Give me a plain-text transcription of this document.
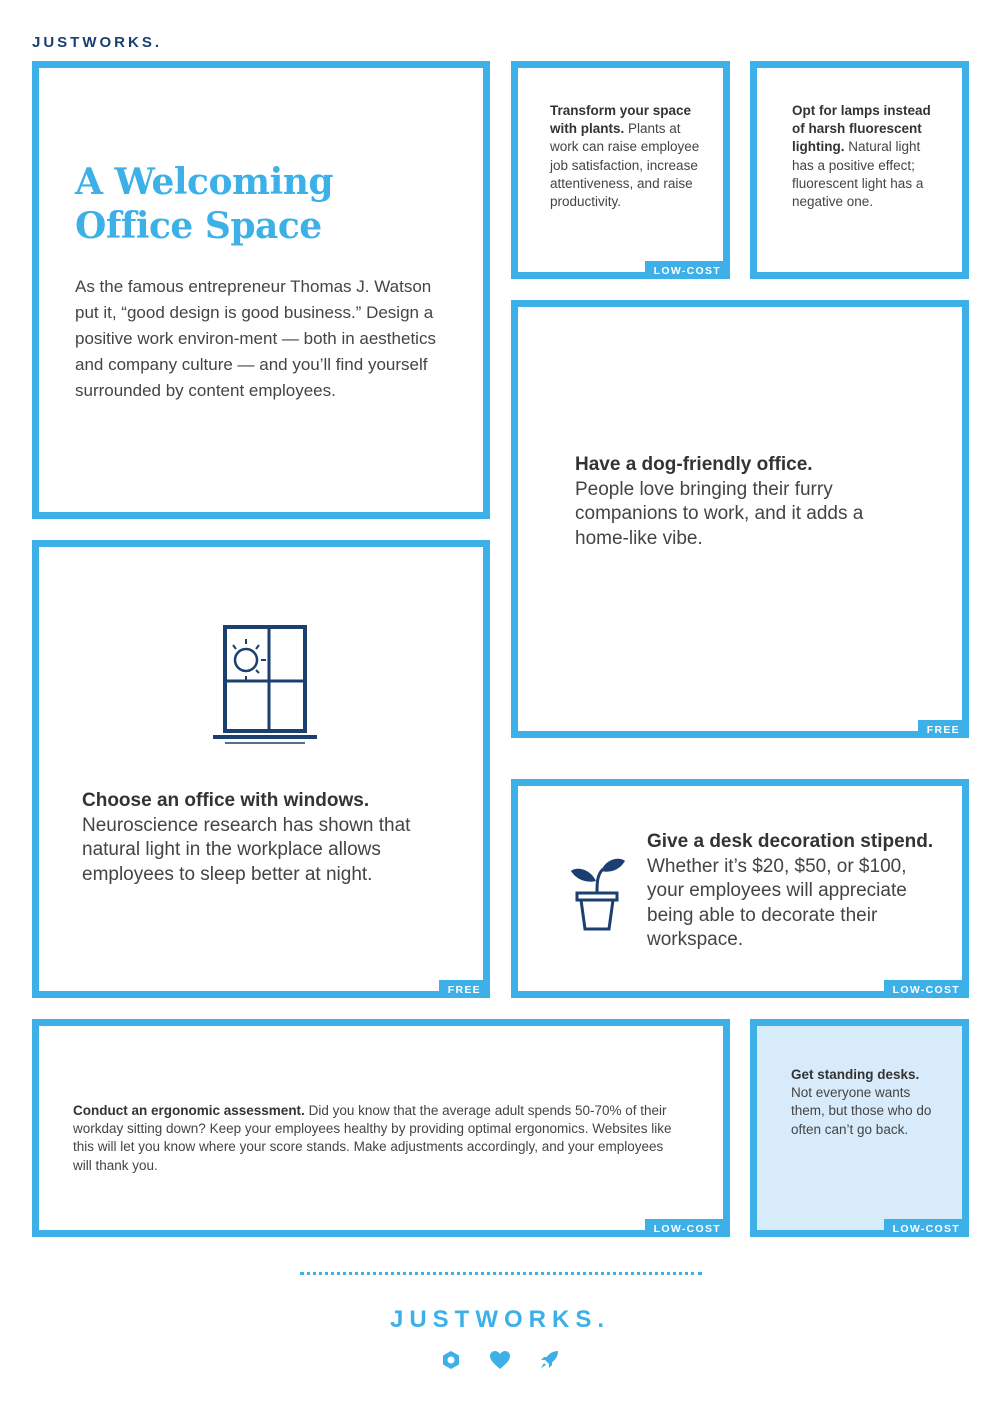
JUSTWORKS.
A Welcoming
Office Space

As the famous entrepreneur Thomas J. Watson put it, “good design is good business.” Design a positive work environ-ment — both in aesthetics and company culture — and you’ll find yourself surrounded by content employees.

Transform your space with plants. Plants at work can raise employee job satisfaction, increase attentiveness, and raise productivity.
LOW-COST
Opt for lamps instead of harsh fluorescent lighting. Natural light has a positive effect; fluorescent light has a negative one.
Have a dog-friendly office.
People love bringing their furry companions to work, and it adds a home-like vibe.
FREE
Choose an office with windows.
Neuroscience research has shown that natural light in the workplace allows employees to sleep better at night.
FREE
Give a desk decoration stipend. Whether it’s $20, $50, or $100, your employees will appreciate being able to decorate their workspace.
LOW-COST
Conduct an ergonomic assessment. Did you know that the average adult spends 50-70% of their workday sitting down? Keep your employees healthy by providing optimal ergonomics. Websites like this will let you know where your score stands. Make adjustments accordingly, and your employees will thank you.
LOW-COST
Get standing desks.
Not everyone wants them, but those who do often can’t go back.
LOW-COST
JUSTWORKS.
